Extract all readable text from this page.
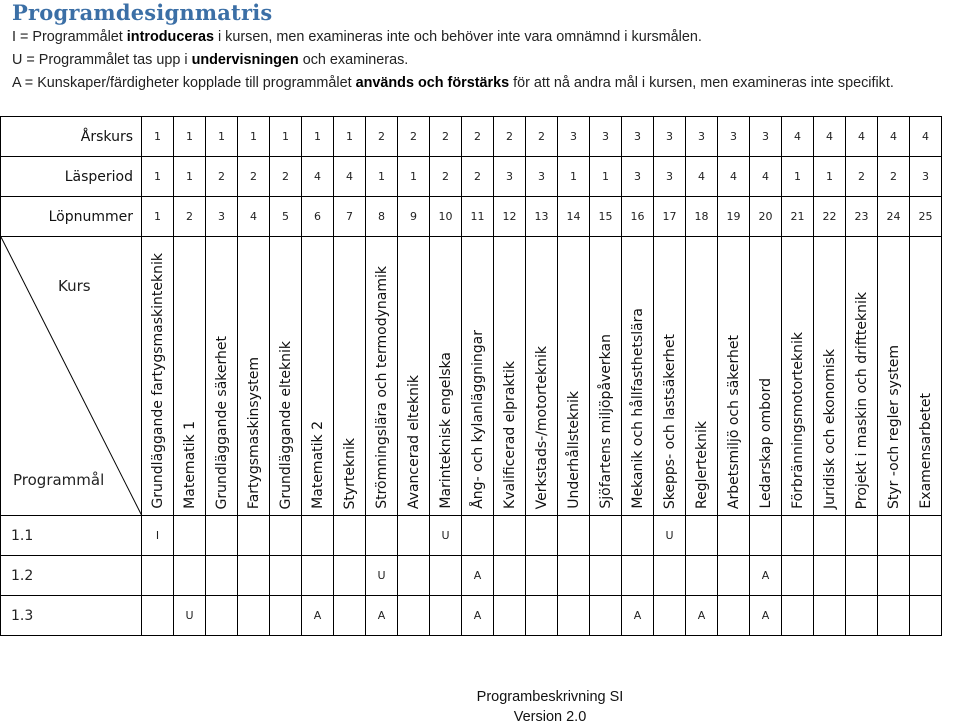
Programdesignmatris
I = Programmålet introduceras i kursen, men examineras inte och behöver inte vara omnämnd i kursmålen.
U = Programmålet tas upp i undervisningen och examineras.
A = Kunskaper/färdigheter kopplade till programmålet används och förstärks för att nå andra mål i kursen, men examineras inte specifikt.
Årskurs	1	1	1	1	1	1	1	2	2	2	2	2	2	3	3	3	3	3	3	3	4	4	4	4	4
Läsperiod	1	1	2	2	2	4	4	1	1	2	2	3	3	1	1	3	3	4	4	4	1	1	2	2	3
Löpnummer	1	2	3	4	5	6	7	8	9	10	11	12	13	14	15	16	17	18	19	20	21	22	23	24	25

Kurs
Programmål	Grundläggande fartygsmaskinteknik	Matematik 1	Grundläggande säkerhet	Fartygsmaskinsystem	Grundläggande elteknik	Matematik 2	Styrteknik	Strömningslära och termodynamik	Avancerad elteknik	Marinteknisk engelska	Ång- och kylanläggningar	Kvalificerad elpraktik	Verkstads-/motorteknik	Underhållsteknik	Sjöfartens miljöpåverkan	Mekanik och hållfasthetslära	Skepps- och lastsäkerhet	Reglerteknik	Arbetsmiljö och säkerhet	Ledarskap ombord	Förbränningsmotorteknik	Juridisk och ekonomisk	Projekt i maskin och driftteknik	Styr -och regler system	Examensarbetet

1.1	I									U							U								
1.2								U			A									A					
1.3		U				A		A			A					A		A		A					
Programbeskrivning SI
Version 2.0
